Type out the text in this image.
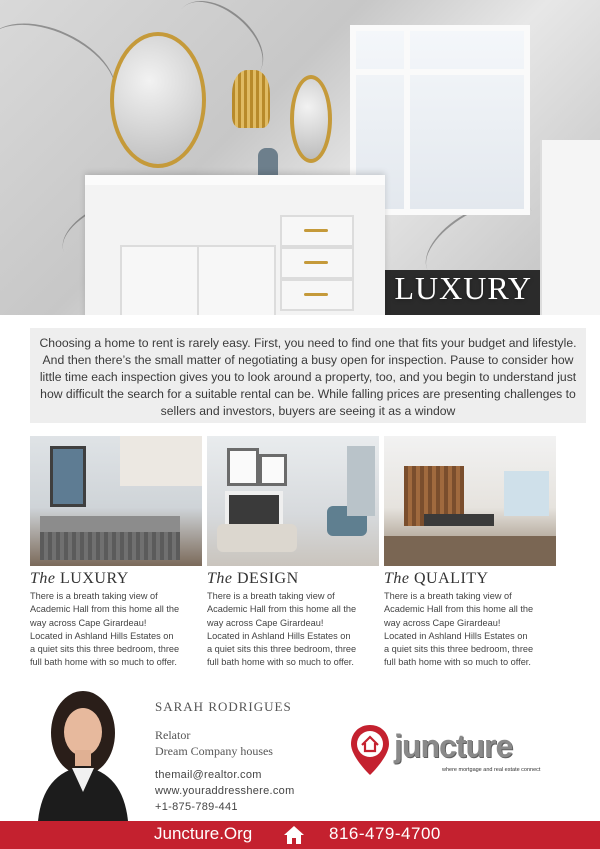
LUXURY

Choosing a home to rent is rarely easy. First, you need to find one that fits your budget and lifestyle. And then there’s the small matter of negotiating a busy open for inspection. Pause to consider how little time each inspection gives you to look around a property, too, and you begin to understand just how difficult the search for a suitable rental can be. While falling prices are presenting challenges to sellers and investors, buyers are seeing it as a window

The LUXURY

There is a breath taking view of Academic Hall from this home all the way across Cape Girardeau! Located in Ashland Hills Estates on a quiet sits this three bedroom, three full bath home with so much to offer.

The DESIGN

There is a breath taking view of Academic Hall from this home all the way across Cape Girardeau! Located in Ashland Hills Estates on a quiet sits this three bedroom, three full bath home with so much to offer.

The QUALITY

There is a breath taking view of Academic Hall from this home all the way across Cape Girardeau! Located in Ashland Hills Estates on a quiet sits this three bedroom, three full bath home with so much to offer.

SARAH RODRIGUES
Relator
Dream Company houses
themail@realtor.com
www.youraddresshere.com
+1-875-789-441
juncture
where mortgage and real estate connect
Juncture.Org	816-479-4700
